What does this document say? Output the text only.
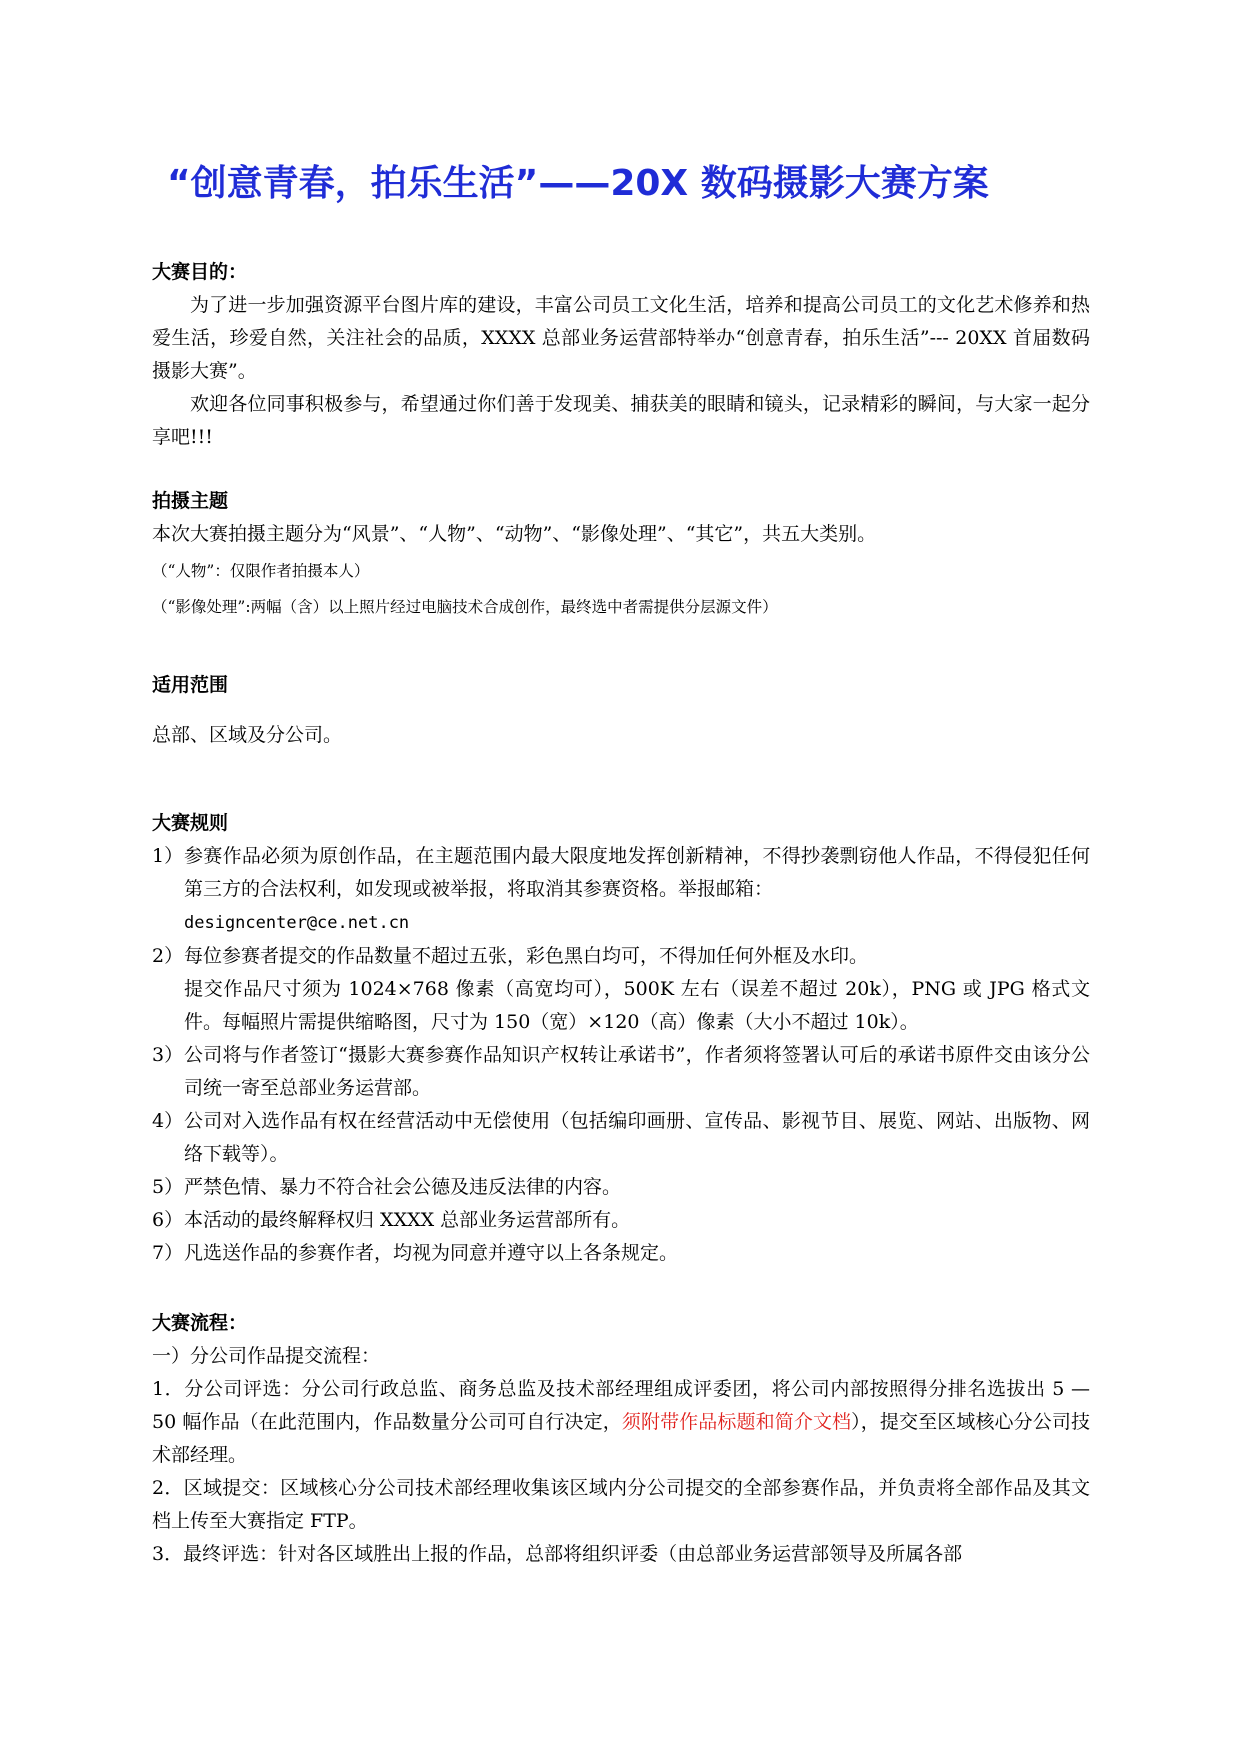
“创意青春，拍乐生活”——20X 数码摄影大赛方案

大赛目的：

为了进一步加强资源平台图片库的建设，丰富公司员工文化生活，培养和提高公司员工的文化艺术修养和热爱生活，珍爱自然，关注社会的品质，XXXX 总部业务运营部特举办“创意青春，拍乐生活”--- 20XX 首届数码摄影大赛”。

欢迎各位同事积极参与，希望通过你们善于发现美、捕获美的眼睛和镜头，记录精彩的瞬间，与大家一起分享吧!!!

拍摄主题

本次大赛拍摄主题分为“风景”、“人物”、“动物”、“影像处理”、“其它”，共五大类别。

（“人物”：仅限作者拍摄本人）

（“影像处理”:两幅（含）以上照片经过电脑技术合成创作，最终选中者需提供分层源文件）

适用范围

总部、区域及分公司。

大赛规则

1） 参赛作品必须为原创作品，在主题范围内最大限度地发挥创新精神，不得抄袭剽窃他人作品，不得侵犯任何第三方的合法权利，如发现或被举报，将取消其参赛资格。举报邮箱：
designcenter@ce.net.cn
2） 每位参赛者提交的作品数量不超过五张，彩色黑白均可，不得加任何外框及水印。
提交作品尺寸须为 1024×768 像素（高宽均可），500K 左右（误差不超过 20k），PNG 或 JPG 格式文件。每幅照片需提供缩略图，尺寸为 150（宽）×120（高）像素（大小不超过 10k）。
3） 公司将与作者签订“摄影大赛参赛作品知识产权转让承诺书”，作者须将签署认可后的承诺书原件交由该分公司统一寄至总部业务运营部。
4） 公司对入选作品有权在经营活动中无偿使用（包括编印画册、宣传品、影视节目、展览、网站、出版物、网络下载等）。
5） 严禁色情、暴力不符合社会公德及违反法律的内容。
6） 本活动的最终解释权归 XXXX 总部业务运营部所有。
7） 凡选送作品的参赛作者，均视为同意并遵守以上各条规定。

大赛流程：

一）分公司作品提交流程：

1．分公司评选：分公司行政总监、商务总监及技术部经理组成评委团，将公司内部按照得分排名选拔出 5 — 50 幅作品（在此范围内，作品数量分公司可自行决定，须附带作品标题和简介文档），提交至区域核心分公司技术部经理。

2．区域提交：区域核心分公司技术部经理收集该区域内分公司提交的全部参赛作品，并负责将全部作品及其文档上传至大赛指定 FTP。

3．最终评选：针对各区域胜出上报的作品，总部将组织评委（由总部业务运营部领导及所属各部
